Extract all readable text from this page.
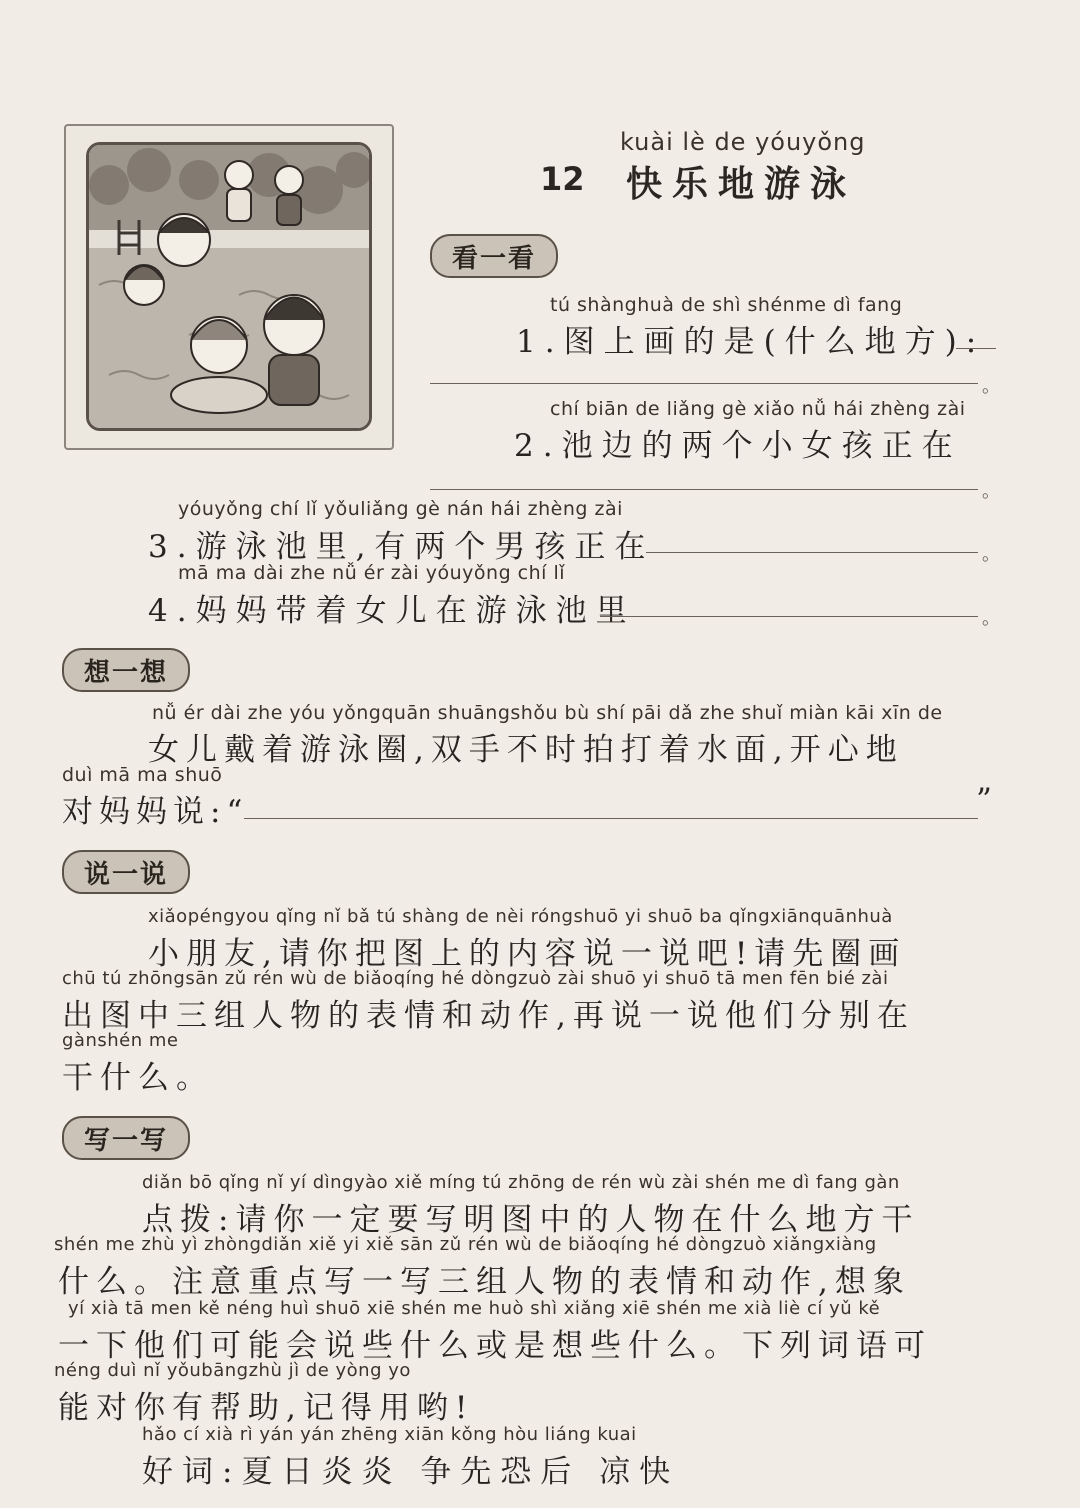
kuài lè de yóuyǒng
12 快乐地游泳
看一看
tú shànghuà de shì shénme dì fang
1.图上画的是(什么地方):
。
chí biān de liǎng gè xiǎo nǚ hái zhèng zài
2.池边的两个小女孩正在
。
yóuyǒng chí lǐ yǒuliǎng gè nán hái zhèng zài
3.游泳池里,有两个男孩正在	。
mā ma dài zhe nǚ ér zài yóuyǒng chí lǐ
4.妈妈带着女儿在游泳池里	。
想一想
nǚ ér dài zhe yóu yǒngquān shuāngshǒu bù shí pāi dǎ zhe shuǐ miàn kāi xīn de
女儿戴着游泳圈,双手不时拍打着水面,开心地
duì mā ma shuō
对妈妈说:“	”
说一说
xiǎopéngyou qǐng nǐ bǎ tú shàng de nèi róngshuō yi shuō ba qǐngxiānquānhuà
小朋友,请你把图上的内容说一说吧!请先圈画
chū tú zhōngsān zǔ rén wù de biǎoqíng hé dòngzuò zài shuō yi shuō tā men fēn bié zài
出图中三组人物的表情和动作,再说一说他们分别在
gànshén me
干什么。
写一写
diǎn bō qǐng nǐ yí dìngyào xiě míng tú zhōng de rén wù zài shén me dì fang gàn
点拨:请你一定要写明图中的人物在什么地方干
shén me zhù yì zhòngdiǎn xiě yi xiě sān zǔ rén wù de biǎoqíng hé dòngzuò xiǎngxiàng
什么。注意重点写一写三组人物的表情和动作,想象
yí xià tā men kě néng huì shuō xiē shén me huò shì xiǎng xiē shén me xià liè cí yǔ kě
一下他们可能会说些什么或是想些什么。下列词语可
néng duì nǐ yǒubāngzhù jì de yòng yo
能对你有帮助,记得用哟!
hǎo cí xià rì yán yán zhēng xiān kǒng hòu liáng kuai
好词:夏日炎炎 争先恐后 凉快
